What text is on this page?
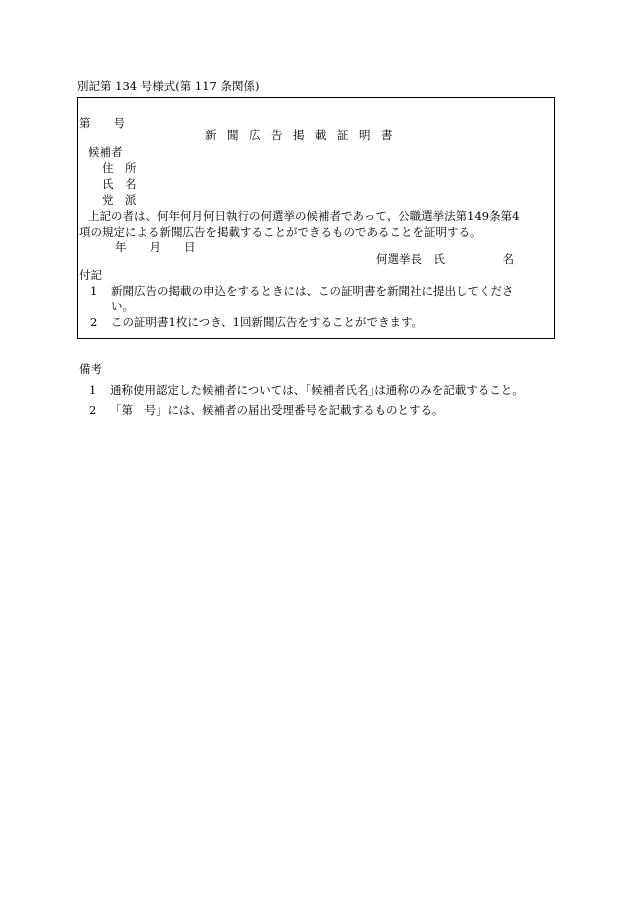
別記第 134 号様式(第 117 条関係)
第　　号
新聞広告掲載証明書
候補者
住　所
氏　名
党　派
上記の者は、何年何月何日執行の何選挙の候補者であって、公職選挙法第149条第4
項の規定による新聞広告を掲載することができるものであることを証明する。
年　　月　　日
何選挙長　氏　　　　　名
付記
1 新聞広告の掲載の申込をするときには、この証明書を新聞社に提出してくださ
い。
2 この証明書1枚につき、1回新聞広告をすることができます。
備考
1 通称使用認定した候補者については、｢候補者氏名｣は通称のみを記載すること。
2 「第　号」には、候補者の届出受理番号を記載するものとする。
